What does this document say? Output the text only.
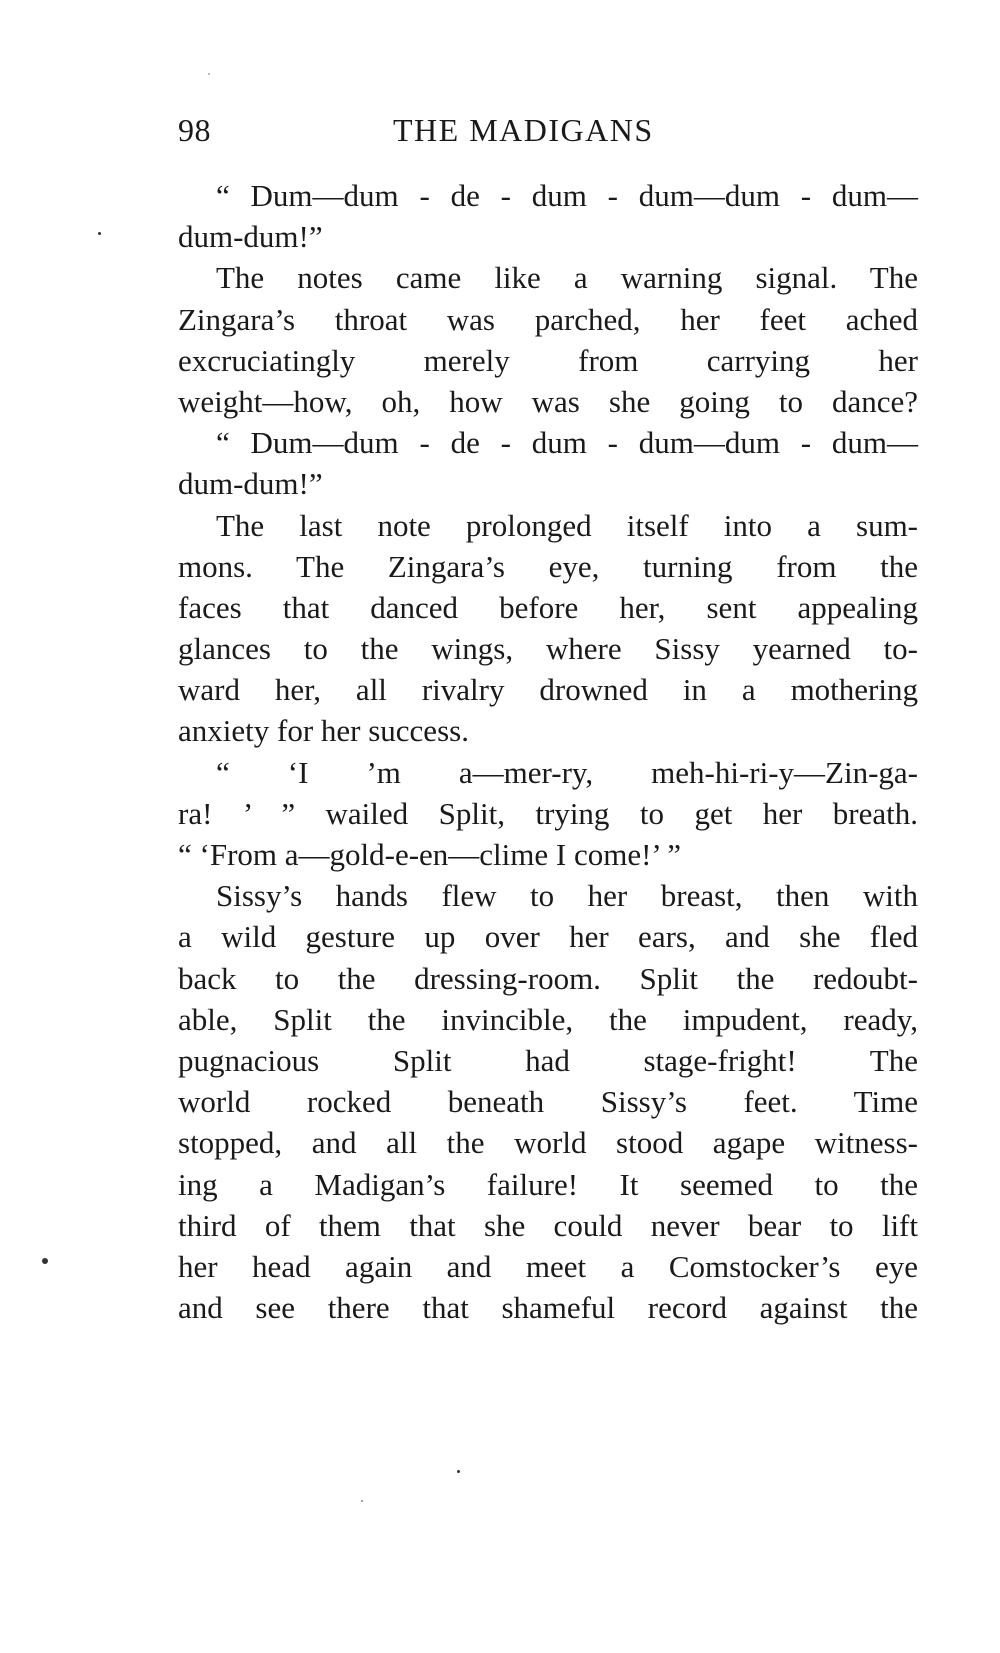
98	THE MADIGANS
“ Dum—dum - de - dum - dum—dum - dum—
dum-dum!”
The notes came like a warning signal. The
Zingara’s throat was parched, her feet ached
excruciatingly merely from carrying her
weight—how, oh, how was she going to dance?
“ Dum—dum - de - dum - dum—dum - dum—
dum-dum!”
The last note prolonged itself into a sum-
mons. The Zingara’s eye, turning from the
faces that danced before her, sent appealing
glances to the wings, where Sissy yearned to-
ward her, all rivalry drowned in a mothering
anxiety for her success.
“ ‘I ’m a—mer-ry, meh-hi-ri-y—Zin-ga-
ra! ’ ” wailed Split, trying to get her breath.
“ ‘From a—gold-e-en—clime I come!’ ”
Sissy’s hands flew to her breast, then with
a wild gesture up over her ears, and she fled
back to the dressing-room. Split the redoubt-
able, Split the invincible, the impudent, ready,
pugnacious Split had stage-fright! The
world rocked beneath Sissy’s feet. Time
stopped, and all the world stood agape witness-
ing a Madigan’s failure! It seemed to the
third of them that she could never bear to lift
her head again and meet a Comstocker’s eye
and see there that shameful record against the
